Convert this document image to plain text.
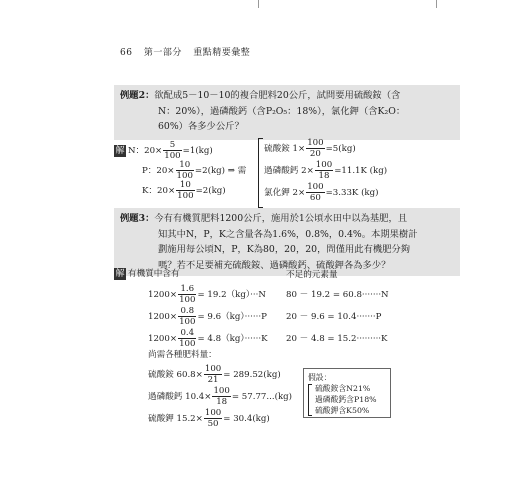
66 第一部分 重點精要彙整
例題2：欲配成5－10－10的複合肥料20公斤，試問要用硫酸銨（含
N：20%），過磷酸鈣（含P₂O₅：18%），氯化鉀（含K₂O：
60%）各多少公斤？
解 N：$20\times \frac{5}{100} =1(kg)$
P：$20\times \frac{10}{100} =2(kg)$ ⇒ 需
K：$20\times \frac{10}{100} =2(kg)$
硫酸銨 $1\times \frac{100}{20} =5(kg)$
過磷酸鈣 $2\times \frac{100}{18} =11.1K$ (kg)
氯化鉀 $2\times \frac{100}{60} =3.33K$ (kg)
例題3：今有有機質肥料1200公斤，施用於1公頃水田中以為基肥，且
知其中N，P，K之含量各為1.6%，0.8%，0.4%。本期果樹計
劃施用每公頃N，P，K為80，20，20，問僅用此有機肥分夠
嗎？若不足要補充硫酸銨、過磷酸鈣、硫酸鉀各為多少？
解 有機質中含有	不足的元素量
$1200\times \frac{1.6}{100} = 19.2(kg)\cdot\cdot\cdot N$ 80 － 19.2 = 60.8·······N
$1200\times \frac{0.8}{100} = 9.6(kg)\cdot\cdot\cdot\cdot\cdot\cdot P$ 20 － 9.6 = 10.4·······P
$1200\times \frac{0.4}{100} = 4.8(kg)\cdot\cdot\cdot\cdot\cdot\cdot K$ 20 － 4.8 = 15.2·········K
尚需各種肥料量：
硫酸銨 $60.8\times \frac{100}{21} = 289.52(kg)$
過磷酸鈣 $10.4\times \frac{100}{18} = 57.77...(kg)$
硫酸鉀 $15.2\times \frac{100}{50} = 30.4(kg)$
假設：
硫酸銨含N21%
過磷酸鈣含P18%
硫酸鉀含K50%
